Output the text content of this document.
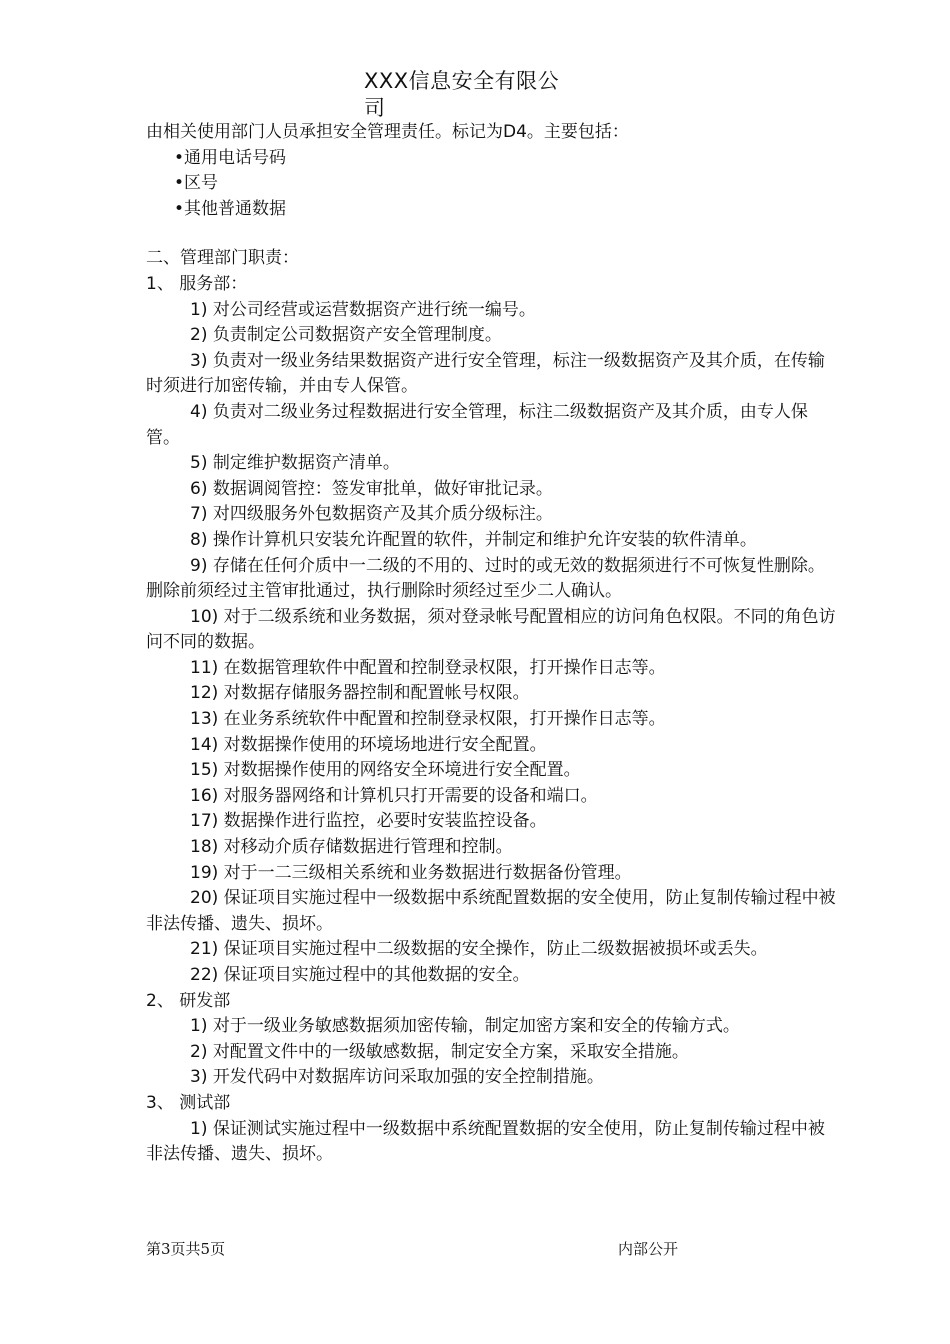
XXX信息安全有限公
司

由相关使用部门人员承担安全管理责任。标记为D4。主要包括：

•通用电话号码

•区号

•其他普通数据

二、管理部门职责：

1、 服务部：

1) 对公司经营或运营数据资产进行统一编号。

2) 负责制定公司数据资产安全管理制度。

3) 负责对一级业务结果数据资产进行安全管理，标注一级数据资产及其介质，在传输时须进行加密传输，并由专人保管。

4) 负责对二级业务过程数据进行安全管理，标注二级数据资产及其介质，由专人保管。

5) 制定维护数据资产清单。

6) 数据调阅管控：签发审批单，做好审批记录。

7) 对四级服务外包数据资产及其介质分级标注。

8) 操作计算机只安装允许配置的软件，并制定和维护允许安装的软件清单。

9) 存储在任何介质中一二级的不用的、过时的或无效的数据须进行不可恢复性删除。删除前须经过主管审批通过，执行删除时须经过至少二人确认。

10) 对于二级系统和业务数据，须对登录帐号配置相应的访问角色权限。不同的角色访问不同的数据。

11) 在数据管理软件中配置和控制登录权限，打开操作日志等。

12) 对数据存储服务器控制和配置帐号权限。

13) 在业务系统软件中配置和控制登录权限，打开操作日志等。

14) 对数据操作使用的环境场地进行安全配置。

15) 对数据操作使用的网络安全环境进行安全配置。

16) 对服务器网络和计算机只打开需要的设备和端口。

17) 数据操作进行监控，必要时安装监控设备。

18) 对移动介质存储数据进行管理和控制。

19) 对于一二三级相关系统和业务数据进行数据备份管理。

20) 保证项目实施过程中一级数据中系统配置数据的安全使用，防止复制传输过程中被非法传播、遗失、损坏。

21) 保证项目实施过程中二级数据的安全操作，防止二级数据被损坏或丢失。

22) 保证项目实施过程中的其他数据的安全。

2、 研发部

1) 对于一级业务敏感数据须加密传输，制定加密方案和安全的传输方式。

2) 对配置文件中的一级敏感数据，制定安全方案，采取安全措施。

3) 开发代码中对数据库访问采取加强的安全控制措施。

3、 测试部

1) 保证测试实施过程中一级数据中系统配置数据的安全使用，防止复制传输过程中被非法传播、遗失、损坏。

第3页共5页	内部公开
